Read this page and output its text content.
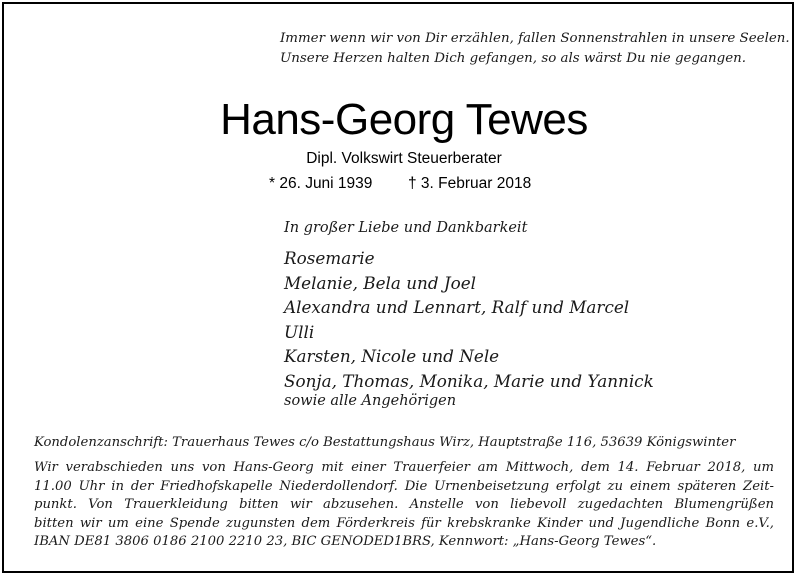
Immer wenn wir von Dir erzählen, fallen Sonnenstrahlen in unsere Seelen.
Unsere Herzen halten Dich gefangen, so als wärst Du nie gegangen.
Hans-Georg Tewes
Dipl. Volkswirt Steuerberater
* 26. Juni 1939 † 3. Februar 2018
In großer Liebe und Dankbarkeit
Rosemarie
Melanie, Bela und Joel
Alexandra und Lennart, Ralf und Marcel
Ulli
Karsten, Nicole und Nele
Sonja, Thomas, Monika, Marie und Yannick
sowie alle Angehörigen
Kondolenzanschrift: Trauerhaus Tewes c/o Bestattungshaus Wirz, Hauptstraße 116, 53639 Königswinter
Wir verabschieden uns von Hans-Georg mit einer Trauerfeier am Mittwoch, dem 14. Februar 2018, um
11.00 Uhr in der Friedhofskapelle Niederdollendorf. Die Urnenbeisetzung erfolgt zu einem späteren Zeit-
punkt. Von Trauerkleidung bitten wir abzusehen. Anstelle von liebevoll zugedachten Blumengrüßen
bitten wir um eine Spende zugunsten dem Förderkreis für krebskranke Kinder und Jugendliche Bonn e.V.,
IBAN DE81 3806 0186 2100 2210 23, BIC GENODED1BRS, Kennwort: „Hans-Georg Tewes“.
